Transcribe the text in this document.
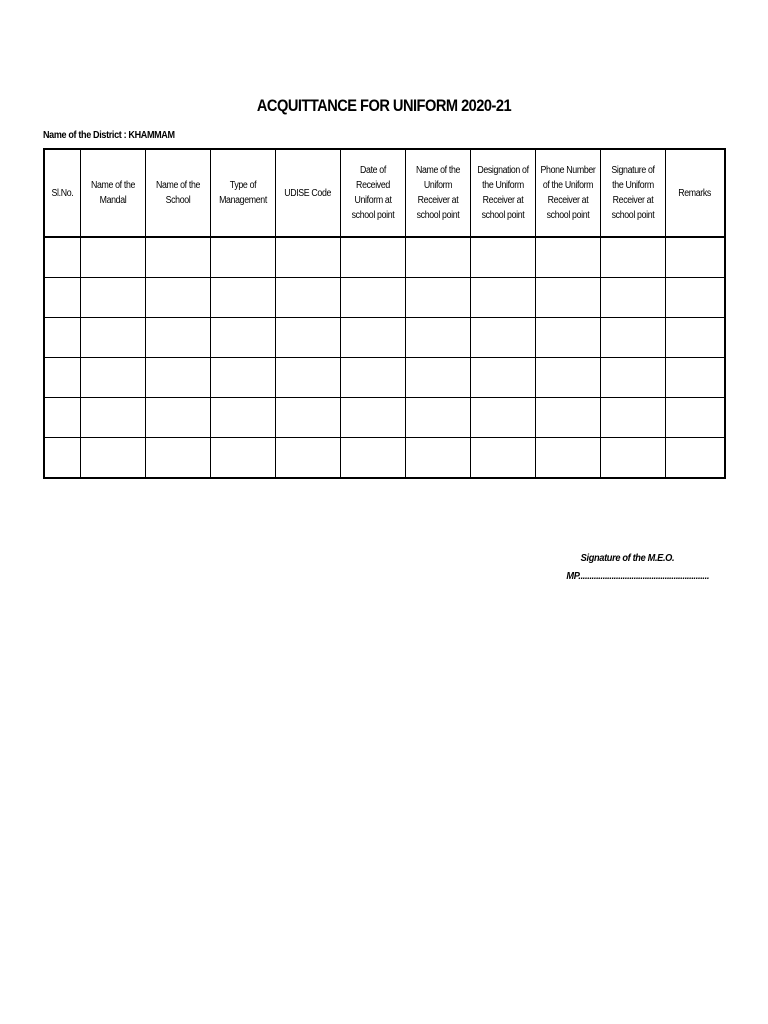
ACQUITTANCE FOR UNIFORM 2020-21
Name of the District : KHAMMAM
Sl.No.	Name of the Mandal	Name of the School	Type of Management	UDISE Code	Date of Received Uniform at school point	Name of the Uniform Receiver at school point	Designation of the Uniform Receiver at school point	Phone Number of the Uniform Receiver at school point	Signature of the Uniform Receiver at school point	Remarks

Signature of the M.E.O.
MP...........................................................
